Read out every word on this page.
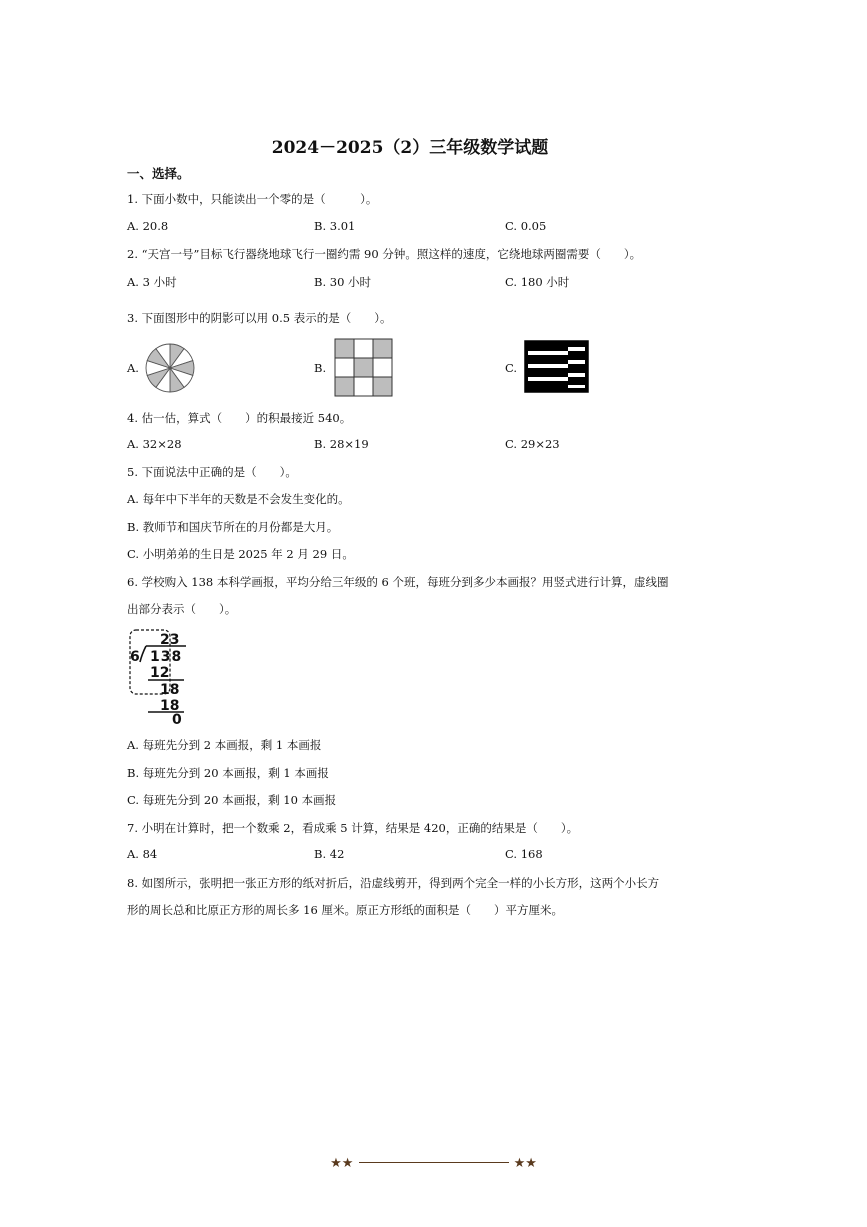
2024－2025（2）三年级数学试题
一、选择。
1. 下面小数中，只能读出一个零的是（　　　）。
A. 20.8	B. 3.01	C. 0.05
2. “天宫一号”目标飞行器绕地球飞行一圈约需 90 分钟。照这样的速度，它绕地球两圈需要（　　）。
A. 3 小时	B. 30 小时	C. 180 小时
3. 下面图形中的阴影可以用 0.5 表示的是（　　）。
A.	B.	C.
4. 估一估，算式（　　）的积最接近 540。
A. 32×28	B. 28×19	C. 29×23
5. 下面说法中正确的是（　　）。
A. 每年中下半年的天数是不会发生变化的。
B. 教师节和国庆节所在的月份都是大月。
C. 小明弟弟的生日是 2025 年 2 月 29 日。
6. 学校购入 138 本科学画报，平均分给三年级的 6 个班，每班分到多少本画报？用竖式进行计算，虚线圈
出部分表示（　　）。
23
6 138
12
18
18
0
A. 每班先分到 2 本画报，剩 1 本画报
B. 每班先分到 20 本画报，剩 1 本画报
C. 每班先分到 20 本画报，剩 10 本画报
7. 小明在计算时，把一个数乘 2，看成乘 5 计算，结果是 420，正确的结果是（　　）。
A. 84	B. 42	C. 168
8. 如图所示，张明把一张正方形的纸对折后，沿虚线剪开，得到两个完全一样的小长方形，这两个小长方
形的周长总和比原正方形的周长多 16 厘米。原正方形纸的面积是（　　）平方厘米。
★★	★★
